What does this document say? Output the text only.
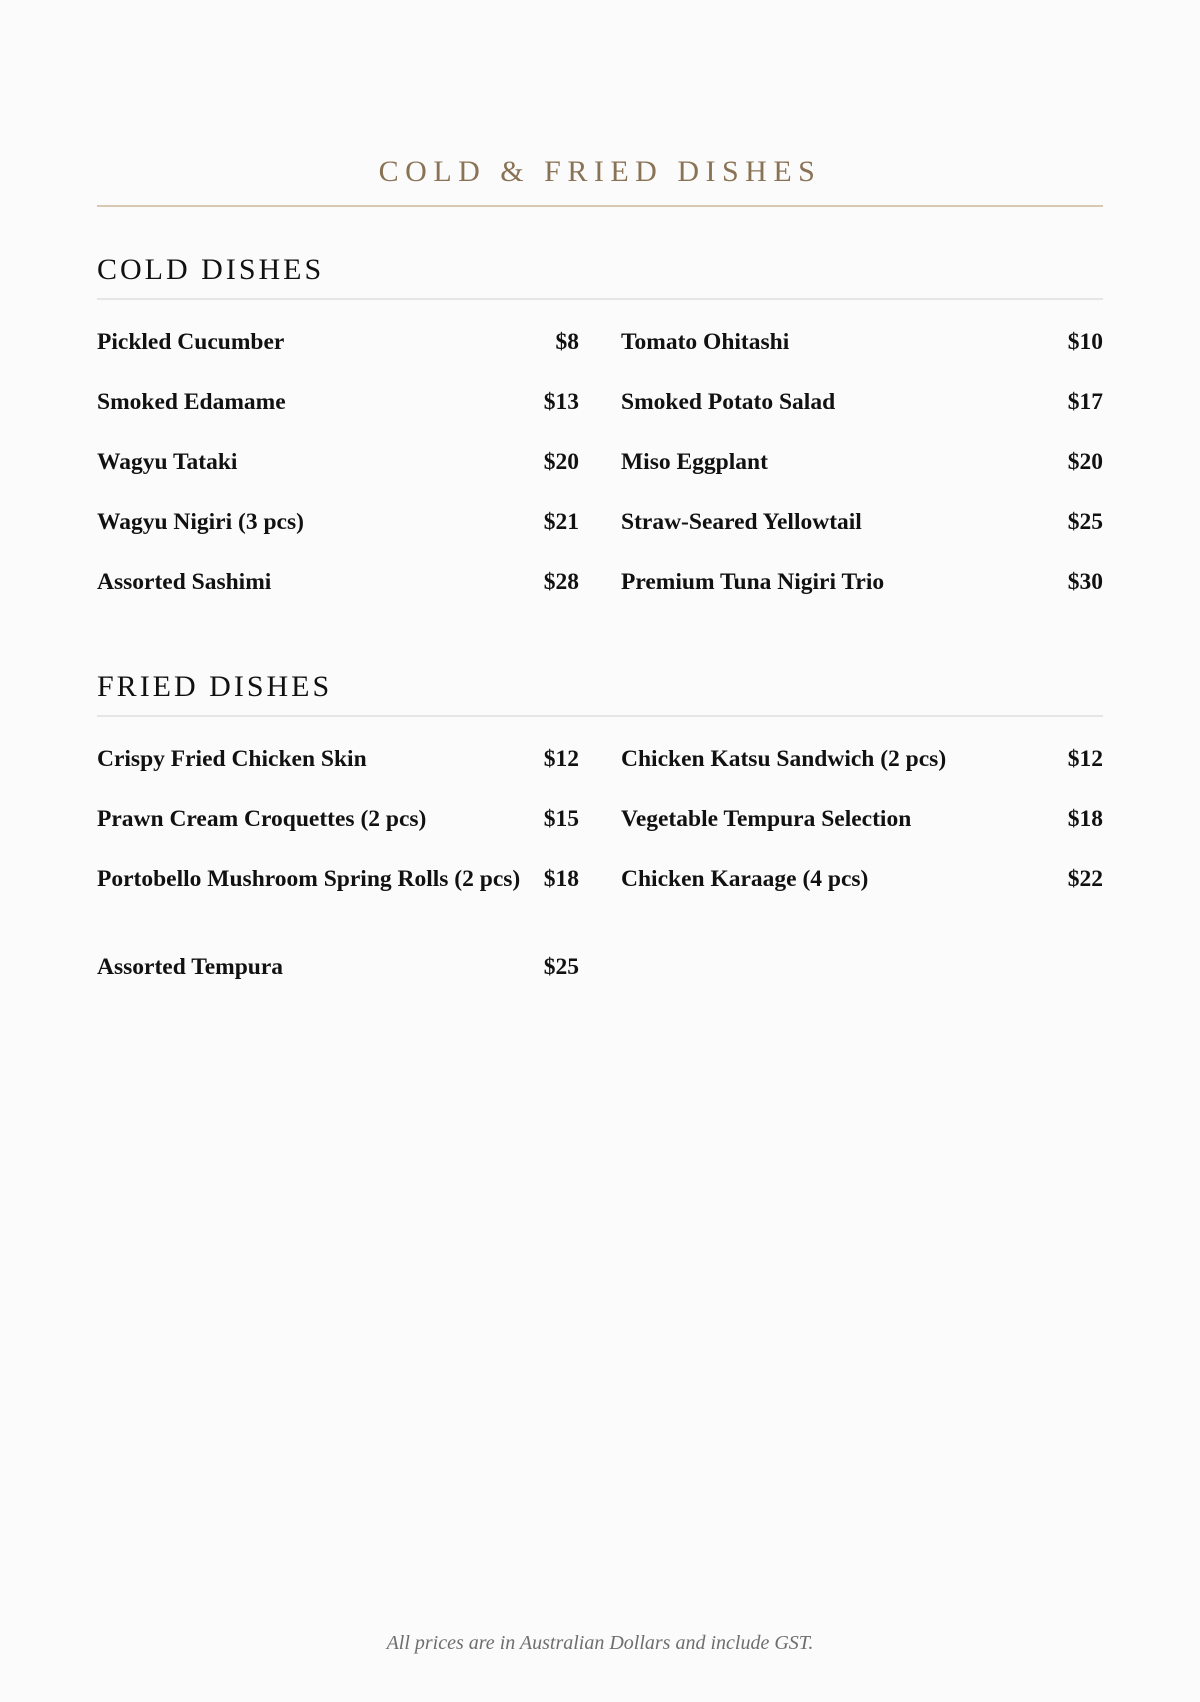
COLD & FRIED DISHES
COLD DISHES
Pickled Cucumber	$8
Smoked Edamame	$13
Wagyu Tataki	$20
Wagyu Nigiri (3 pcs)	$21
Assorted Sashimi	$28
Tomato Ohitashi	$10
Smoked Potato Salad	$17
Miso Eggplant	$20
Straw-Seared Yellowtail	$25
Premium Tuna Nigiri Trio	$30
FRIED DISHES
Crispy Fried Chicken Skin	$12
Prawn Cream Croquettes (2 pcs)	$15
Portobello Mushroom Spring Rolls (2 pcs)	$18
Assorted Tempura	$25
Chicken Katsu Sandwich (2 pcs)	$12
Vegetable Tempura Selection	$18
Chicken Karaage (4 pcs)	$22
All prices are in Australian Dollars and include GST.
